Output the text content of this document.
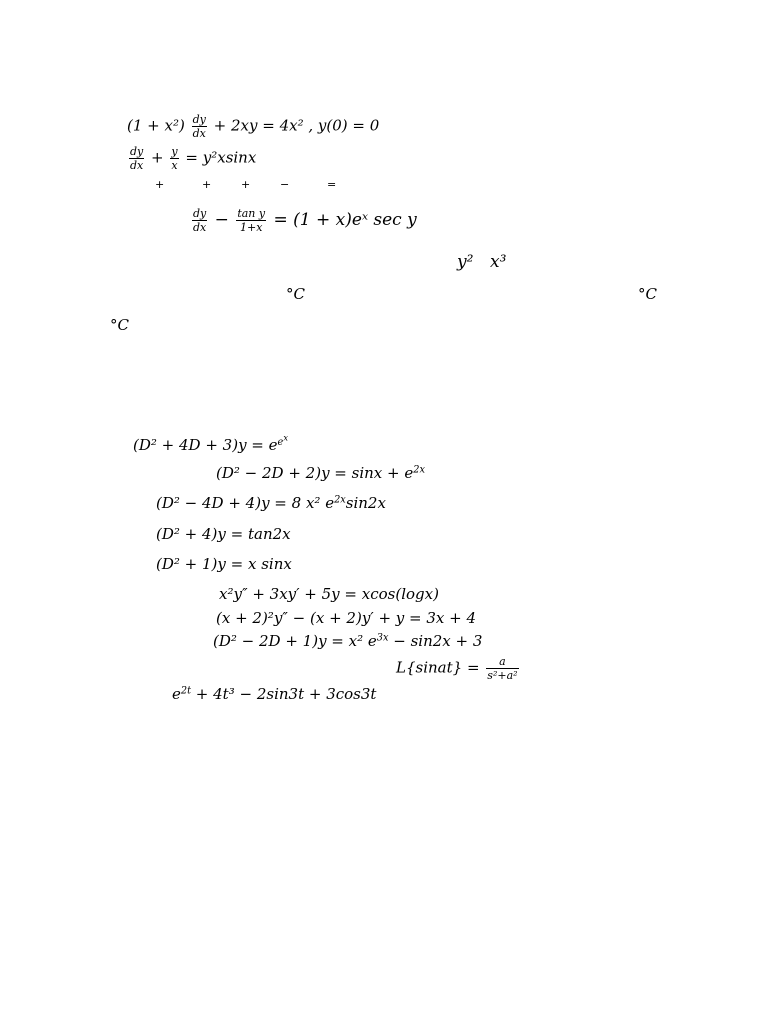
$(1 + x^2) \frac{dy}{dx} + 2xy = 4x^2$ , y(0) = 0
$\frac{dy}{dx} + \frac{y}{x} = y^2xsinx$
+	+	+	−	=
$\frac{dy}{dx} - \frac{\text{tan y}}{1+x} = (1$ + x)eˣ sec y
y² x³
°C	°C
°C
$(D^2 + 4D + 3)y = e^{e^x}$
$(D^2 - 2D + 2)y = \sin x + e^{2x}$
(D² − 4D + 4)y = 8 x² $e^{2x}\sin 2x$
(D² + 4)y = tan2x
(D² + 1)y = x sinx
x²y″ + 3xy′ + 5y = xcos(logx)
(x + 2)²y″ − (x + 2)y′ + y = 3x + 4
(D² − 2D + 1)y = x² $e^{3x} - \sin 2x + 3$
L{sinat} = $\frac{a}{\text{s²+a²}}$
$e^{2t} + 4t^3 - 2\sin 3t + 3\cos 3t$
